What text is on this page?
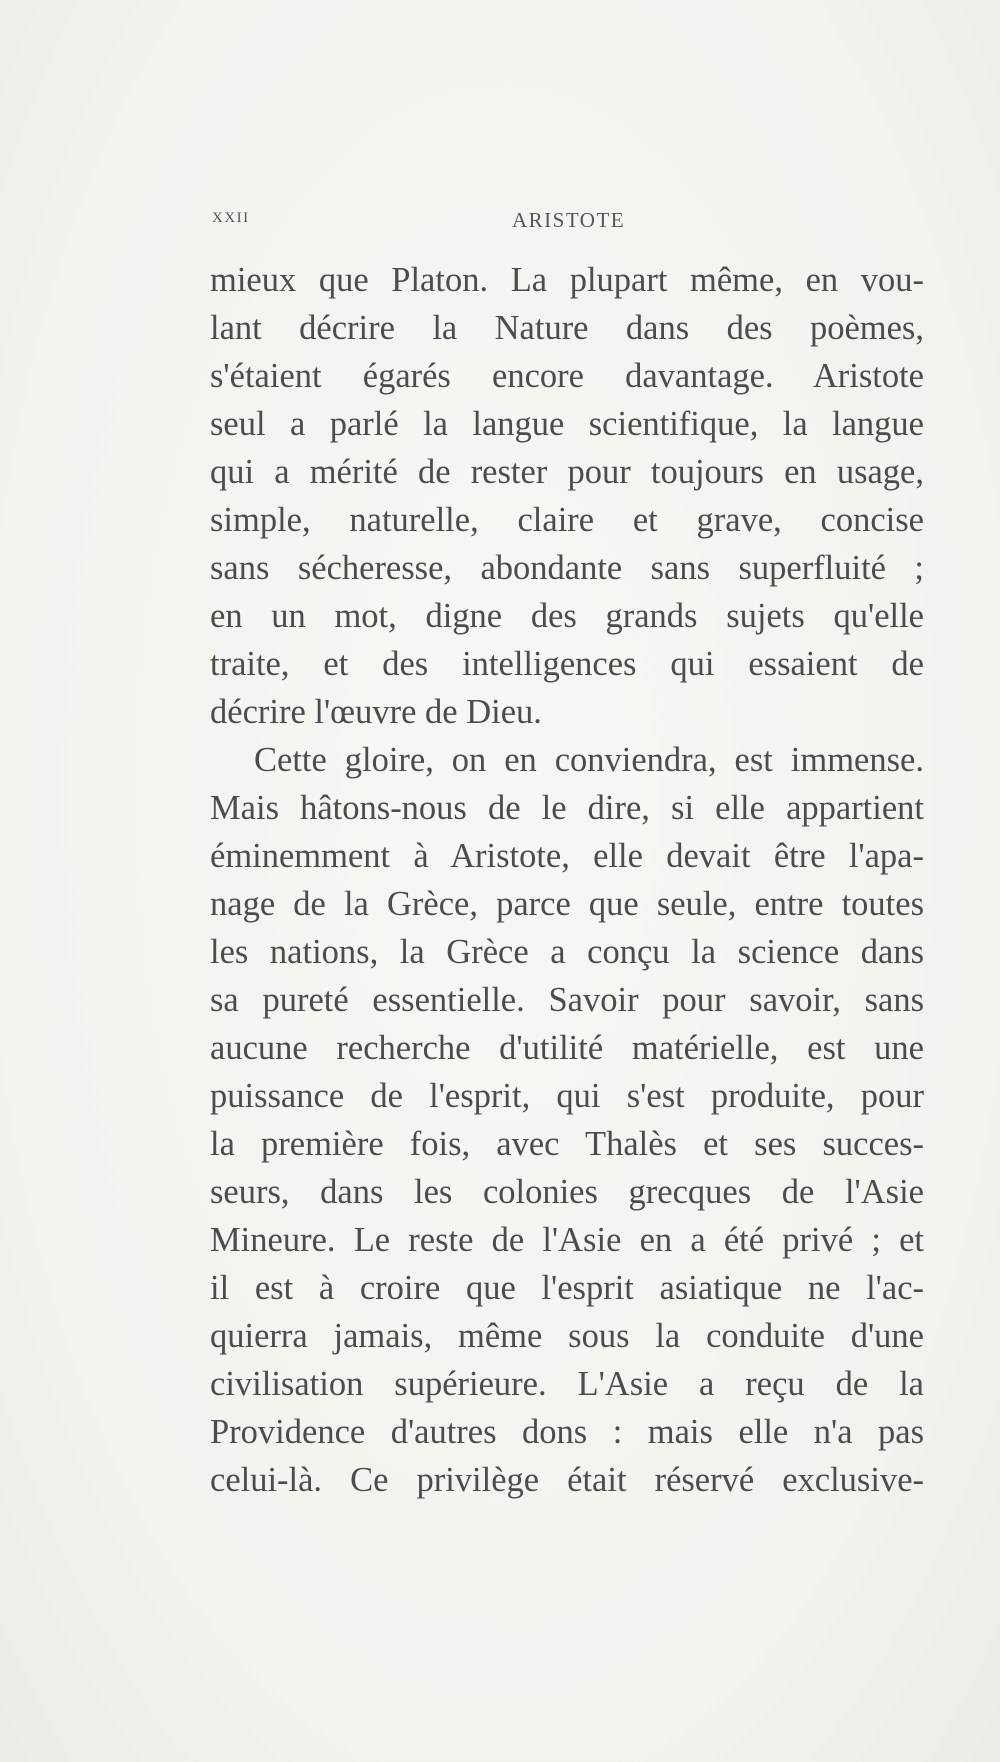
XXII	ARISTOTE
mieux que Platon. La plupart même, en vou-
lant décrire la Nature dans des poèmes,
s'étaient égarés encore davantage. Aristote
seul a parlé la langue scientifique, la langue
qui a mérité de rester pour toujours en usage,
simple, naturelle, claire et grave, concise
sans sécheresse, abondante sans superfluité ;
en un mot, digne des grands sujets qu'elle
traite, et des intelligences qui essaient de
décrire l'œuvre de Dieu.
Cette gloire, on en conviendra, est immense.
Mais hâtons-nous de le dire, si elle appartient
éminemment à Aristote, elle devait être l'apa-
nage de la Grèce, parce que seule, entre toutes
les nations, la Grèce a conçu la science dans
sa pureté essentielle. Savoir pour savoir, sans
aucune recherche d'utilité matérielle, est une
puissance de l'esprit, qui s'est produite, pour
la première fois, avec Thalès et ses succes-
seurs, dans les colonies grecques de l'Asie
Mineure. Le reste de l'Asie en a été privé ; et
il est à croire que l'esprit asiatique ne l'ac-
quierra jamais, même sous la conduite d'une
civilisation supérieure. L'Asie a reçu de la
Providence d'autres dons : mais elle n'a pas
celui-là. Ce privilège était réservé exclusive-
